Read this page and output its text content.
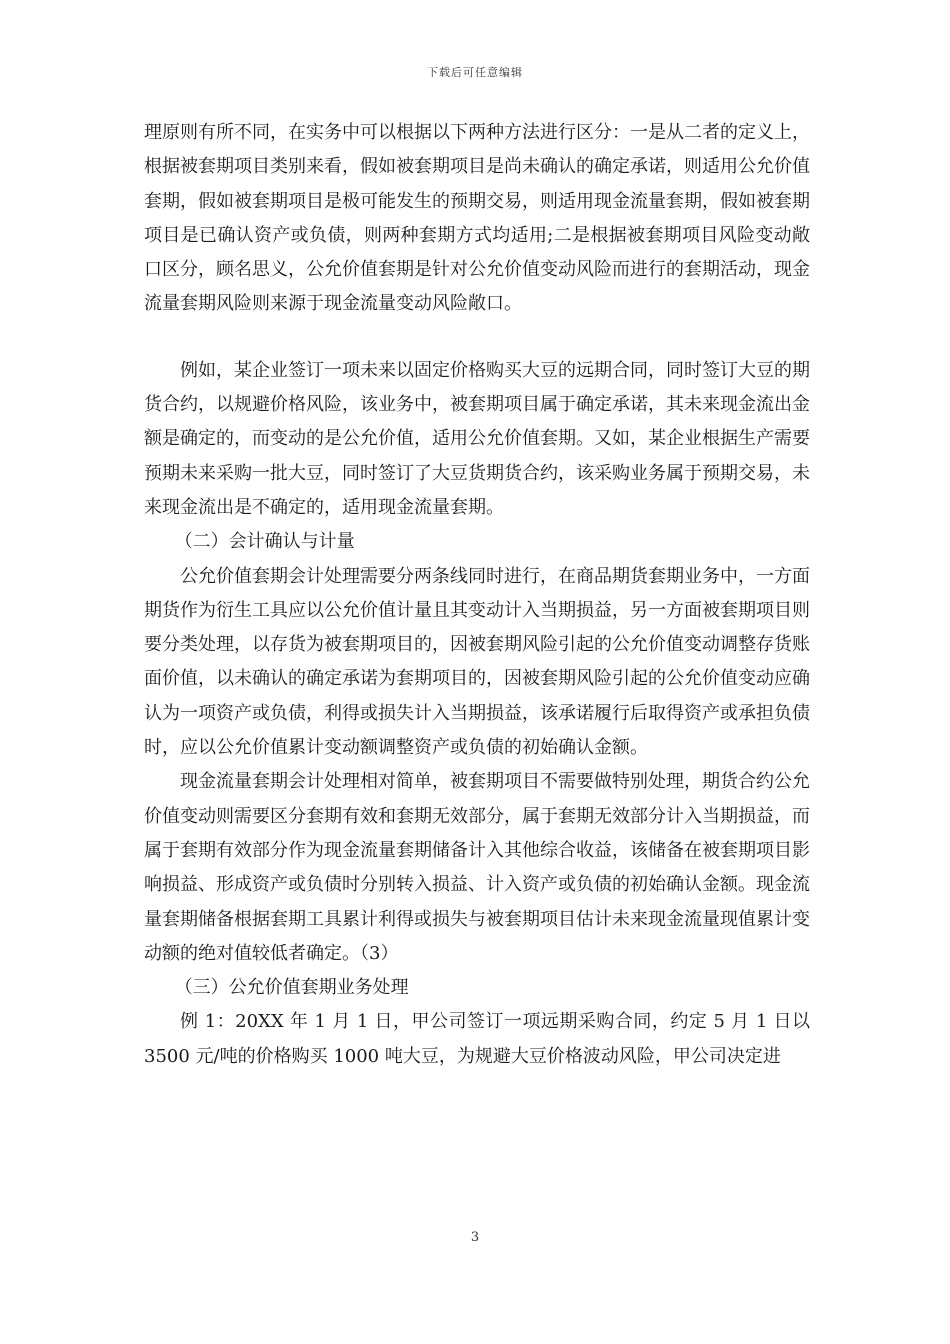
下载后可任意编辑

理原则有所不同，在实务中可以根据以下两种方法进行区分：一是从二者的定义上，根据被套期项目类别来看，假如被套期项目是尚未确认的确定承诺，则适用公允价值套期，假如被套期项目是极可能发生的预期交易，则适用现金流量套期，假如被套期项目是已确认资产或负债，则两种套期方式均适用;二是根据被套期项目风险变动敞口区分，顾名思义，公允价值套期是针对公允价值变动风险而进行的套期活动，现金流量套期风险则来源于现金流量变动风险敞口。

例如，某企业签订一项未来以固定价格购买大豆的远期合同，同时签订大豆的期货合约，以规避价格风险，该业务中，被套期项目属于确定承诺，其未来现金流出金额是确定的，而变动的是公允价值，适用公允价值套期。又如，某企业根据生产需要预期未来采购一批大豆，同时签订了大豆货期货合约，该采购业务属于预期交易，未来现金流出是不确定的，适用现金流量套期。

（二）会计确认与计量

公允价值套期会计处理需要分两条线同时进行，在商品期货套期业务中，一方面期货作为衍生工具应以公允价值计量且其变动计入当期损益，另一方面被套期项目则要分类处理，以存货为被套期项目的，因被套期风险引起的公允价值变动调整存货账面价值，以未确认的确定承诺为套期项目的，因被套期风险引起的公允价值变动应确认为一项资产或负债，利得或损失计入当期损益，该承诺履行后取得资产或承担负债时，应以公允价值累计变动额调整资产或负债的初始确认金额。

现金流量套期会计处理相对简单，被套期项目不需要做特别处理，期货合约公允价值变动则需要区分套期有效和套期无效部分，属于套期无效部分计入当期损益，而属于套期有效部分作为现金流量套期储备计入其他综合收益，该储备在被套期项目影响损益、形成资产或负债时分别转入损益、计入资产或负债的初始确认金额。现金流量套期储备根据套期工具累计利得或损失与被套期项目估计未来现金流量现值累计变动额的绝对值较低者确定。（3）

（三）公允价值套期业务处理

例 1：20XX 年 1 月 1 日，甲公司签订一项远期采购合同，约定 5 月 1 日以 3500 元/吨的价格购买 1000 吨大豆，为规避大豆价格波动风险，甲公司决定进

3
